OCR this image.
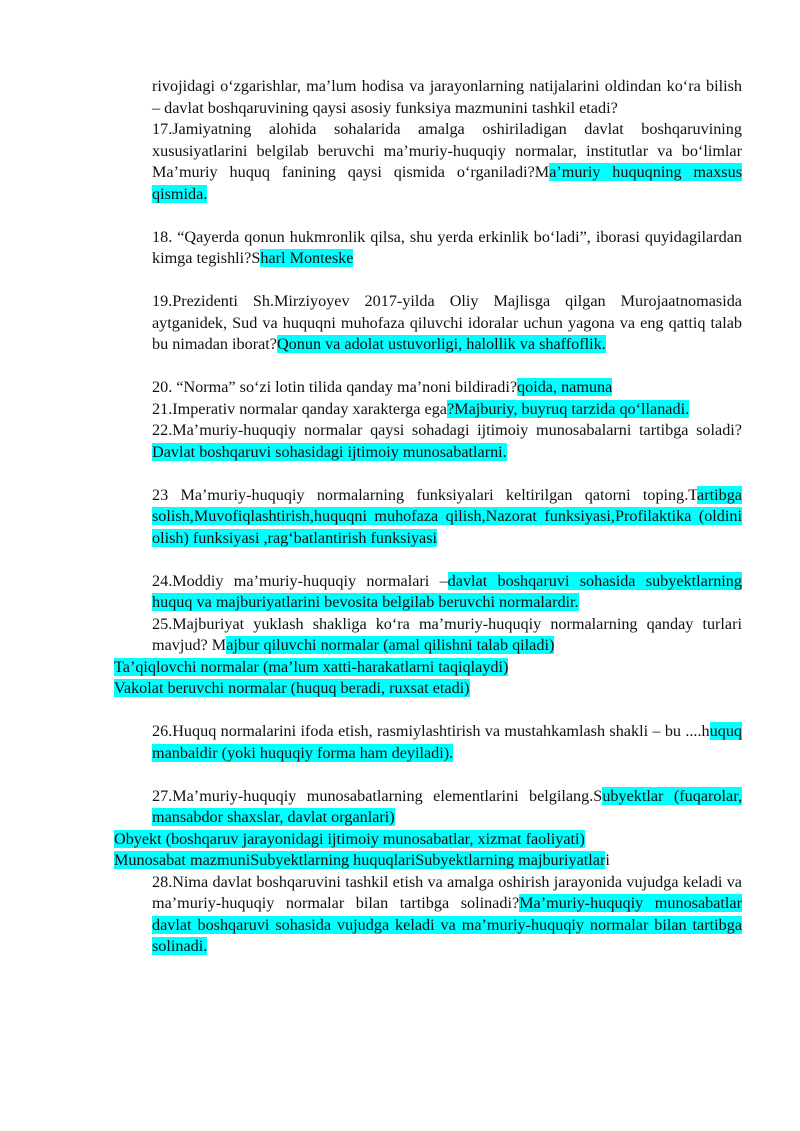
rivojidagi oʻzgarishlar, maʼlum hodisa va jarayonlarning natijalarini oldindan koʻra bilish – davlat boshqaruvining qaysi asosiy funksiya mazmunini tashkil etadi?

17.Jamiyatning alohida sohalarida amalga oshiriladigan davlat boshqaruvining xususiyatlarini belgilab beruvchi maʼmuriy-huquqiy normalar, institutlar va boʻlimlar Maʼmuriy huquq fanining qaysi qismida oʻrganiladi?Maʼmuriy huquqning maxsus qismida.

18. “Qayerda qonun hukmronlik qilsa, shu yerda erkinlik boʻladi”, iborasi quyidagilardan kimga tegishli?Sharl Monteske

19.Prezidenti Sh.Mirziyoyev 2017-yilda Oliy Majlisga qilgan Murojaatnomasida aytganidek, Sud va huquqni muhofaza qiluvchi idoralar uchun yagona va eng qattiq talab bu nimadan iborat?Qonun va adolat ustuvorligi, halollik va shaffoflik.

20. “Norma” soʻzi lotin tilida qanday maʼnoni bildiradi?qoida, namuna

21.Imperativ normalar qanday xarakterga ega?Majburiy, buyruq tarzida qoʻllanadi.

22.Maʼmuriy-huquqiy normalar qaysi sohadagi ijtimoiy munosabalarni tartibga soladi?Davlat boshqaruvi sohasidagi ijtimoiy munosabatlarni.

23 Maʼmuriy-huquqiy normalarning funksiyalari keltirilgan qatorni toping.Tartibga solish,Muvofiqlashtirish,huquqni muhofaza qilish,Nazorat funksiyasi,Profilaktika (oldini olish) funksiyasi ,ragʻbatlantirish funksiyasi

24.Moddiy maʼmuriy-huquqiy normalari –davlat boshqaruvi sohasida subyektlarning huquq va majburiyatlarini bevosita belgilab beruvchi normalardir.

25.Majburiyat yuklash shakliga koʻra maʼmuriy-huquqiy normalarning qanday turlari mavjud? Majbur qiluvchi normalar (amal qilishni talab qiladi)

Taʼqiqlovchi normalar (maʼlum xatti-harakatlarni taqiqlaydi)

Vakolat beruvchi normalar (huquq beradi, ruxsat etadi)

26.Huquq normalarini ifoda etish, rasmiylashtirish va mustahkamlash shakli – bu ....huquq manbaidir (yoki huquqiy forma ham deyiladi).

27.Maʼmuriy-huquqiy munosabatlarning elementlarini belgilang.Subyektlar (fuqarolar, mansabdor shaxslar, davlat organlari)

Obyekt (boshqaruv jarayonidagi ijtimoiy munosabatlar, xizmat faoliyati)

Munosabat mazmuniSubyektlarning huquqlariSubyektlarning majburiyatlari

28.Nima davlat boshqaruvini tashkil etish va amalga oshirish jarayonida vujudga keladi va maʼmuriy-huquqiy normalar bilan tartibga solinadi?Maʼmuriy-huquqiy munosabatlar davlat boshqaruvi sohasida vujudga keladi va maʼmuriy-huquqiy normalar bilan tartibga solinadi.
